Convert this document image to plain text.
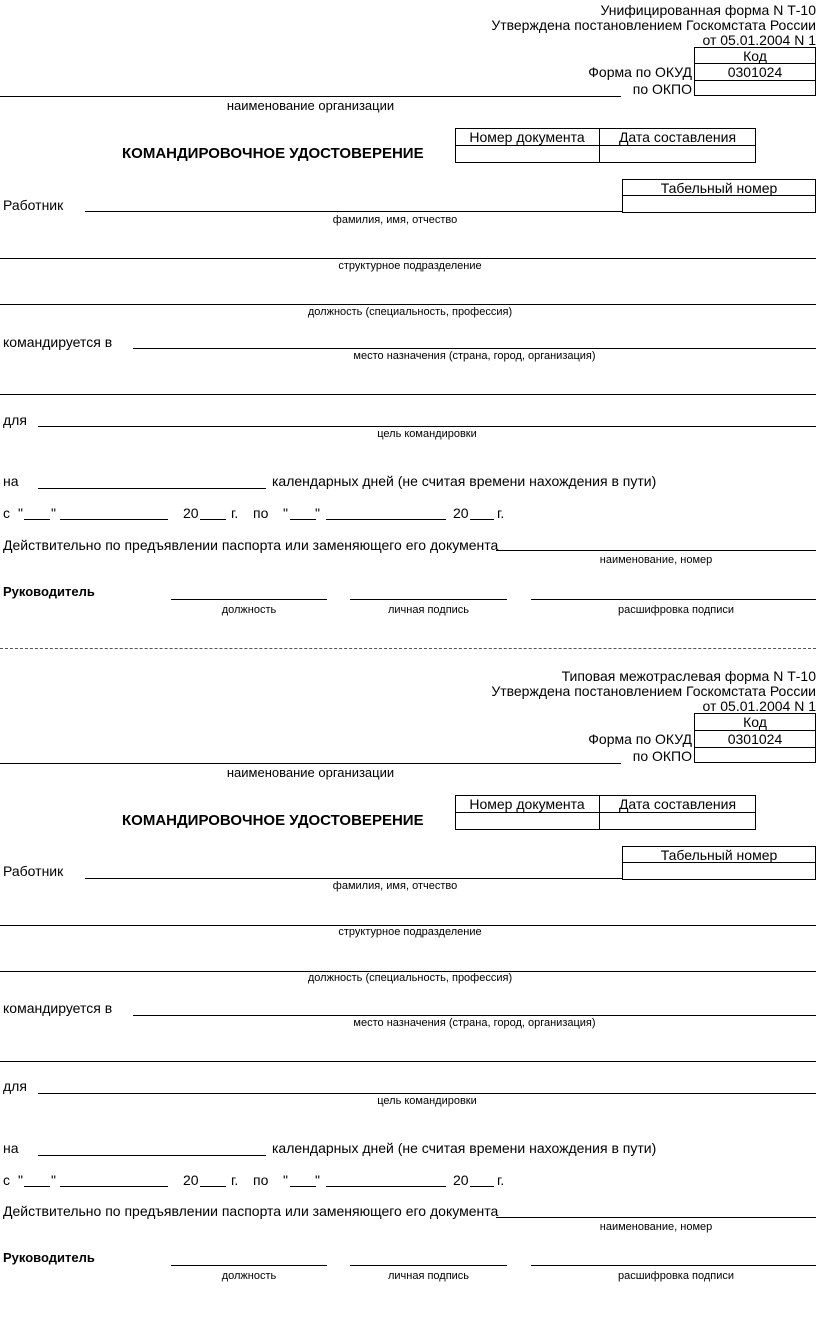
Унифицированная форма N Т-10
Утверждена постановлением Госкомстата России
от 05.01.2004 N 1
Код
Форма по ОКУД	0301024
по ОКПО
наименование организации
КОМАНДИРОВОЧНОЕ УДОСТОВЕРЕНИЕ
Номер документа	Дата составления
Табельный номер
Работник
фамилия, имя, отчество
структурное подразделение
должность (специальность, профессия)
командируется в
место назначения (страна, город, организация)
для
цель командировки
на	календарных дней (не считая времени нахождения в пути)
с " "	20 г. по " "	20 г.
Действительно по предъявлении паспорта или заменяющего его документа
наименование, номер
Руководитель
должность	личная подпись	расшифровка подписи
Типовая межотраслевая форма N Т-10
Утверждена постановлением Госкомстата России
от 05.01.2004 N 1
Код
Форма по ОКУД	0301024
по ОКПО
наименование организации
КОМАНДИРОВОЧНОЕ УДОСТОВЕРЕНИЕ
Номер документа	Дата составления
Табельный номер
Работник
фамилия, имя, отчество
структурное подразделение
должность (специальность, профессия)
командируется в
место назначения (страна, город, организация)
для
цель командировки
на	календарных дней (не считая времени нахождения в пути)
с " "	20 г. по " "	20 г.
Действительно по предъявлении паспорта или заменяющего его документа
наименование, номер
Руководитель
должность	личная подпись	расшифровка подписи
